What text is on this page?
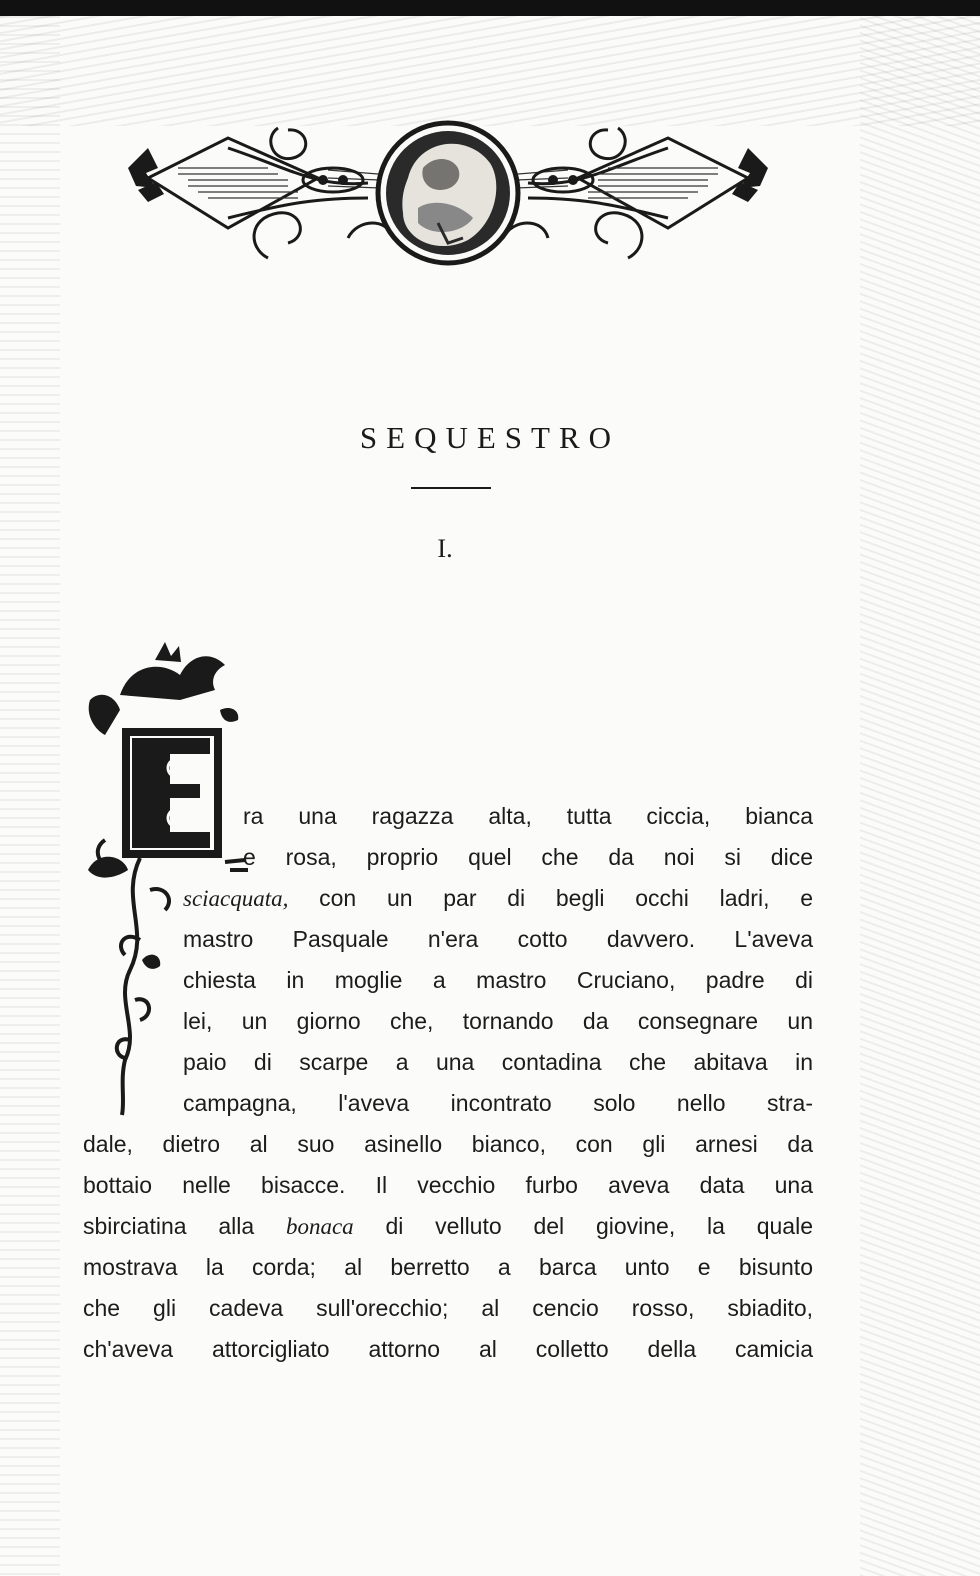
SEQUESTRO
I.
ra una ragazza alta, tutta ciccia, bianca
e rosa, proprio quel che da noi si dice
sciacquata, con un par di begli occhi ladri, e
mastro Pasquale n'era cotto davvero. L'aveva
chiesta in moglie a mastro Cruciano, padre di
lei, un giorno che, tornando da consegnare un
paio di scarpe a una contadina che abitava in
campagna, l'aveva incontrato solo nello stra-
dale, dietro al suo asinello bianco, con gli arnesi da
bottaio nelle bisacce. Il vecchio furbo aveva data una
sbirciatina alla bonaca di velluto del giovine, la quale
mostrava la corda; al berretto a barca unto e bisunto
che gli cadeva sull'orecchio; al cencio rosso, sbiadito,
ch'aveva attorcigliato attorno al colletto della camicia
